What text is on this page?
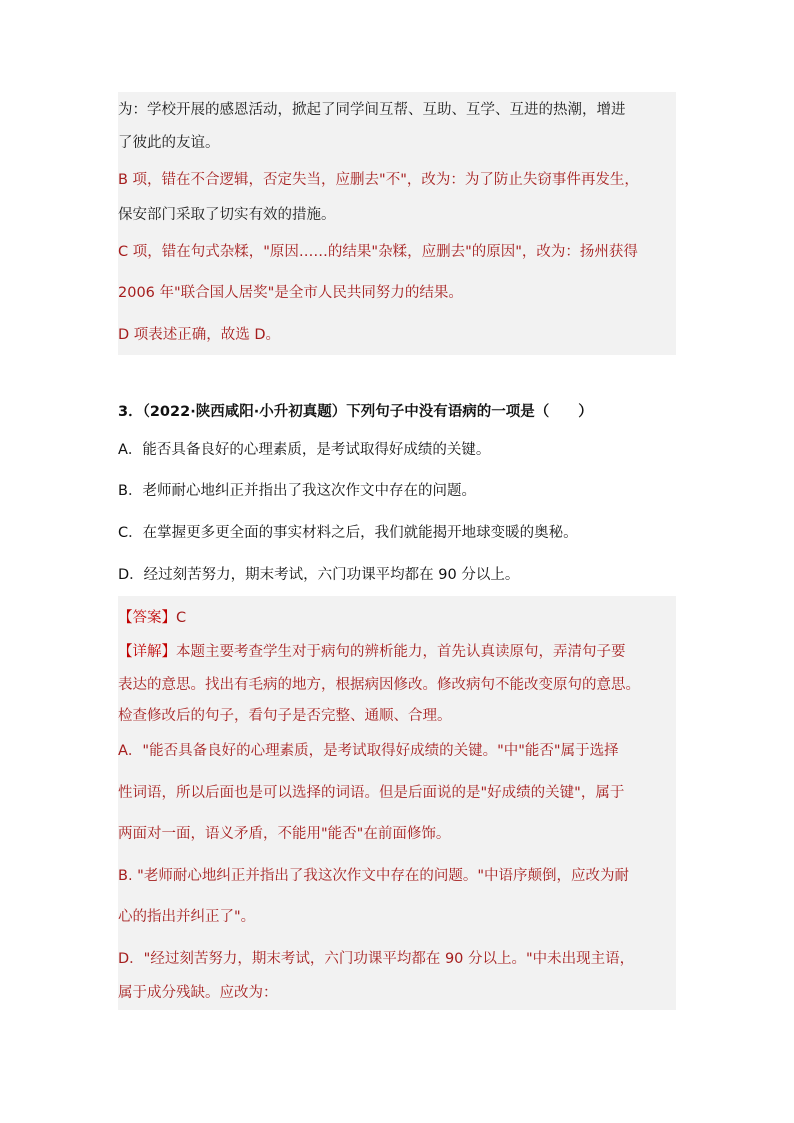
为：学校开展的感恩活动，掀起了同学间互帮、互助、互学、互进的热潮，增进
了彼此的友谊。
B 项，错在不合逻辑，否定失当，应删去"不"，改为：为了防止失窃事件再发生，
保安部门采取了切实有效的措施。
C 项，错在句式杂糅，"原因……的结果"杂糅，应删去"的原因"，改为：扬州获得
2006 年"联合国人居奖"是全市人民共同努力的结果。
D 项表述正确，故选 D。
3．（2022·陕西咸阳·小升初真题）下列句子中没有语病的一项是（　　）
A．能否具备良好的心理素质，是考试取得好成绩的关键。
B．老师耐心地纠正并指出了我这次作文中存在的问题。
C．在掌握更多更全面的事实材料之后，我们就能揭开地球变暖的奥秘。
D．经过刻苦努力，期末考试，六门功课平均都在 90 分以上。
【答案】C
【详解】本题主要考查学生对于病句的辨析能力，首先认真读原句，弄清句子要
表达的意思。找出有毛病的地方，根据病因修改。修改病句不能改变原句的意思。
检查修改后的句子，看句子是否完整、通顺、合理。
A．"能否具备良好的心理素质，是考试取得好成绩的关键。"中"能否"属于选择
性词语，所以后面也是可以选择的词语。但是后面说的是"好成绩的关键"，属于
两面对一面，语义矛盾，不能用"能否"在前面修饰。
B. "老师耐心地纠正并指出了我这次作文中存在的问题。"中语序颠倒，应改为耐
心的指出并纠正了"。
D．"经过刻苦努力，期末考试，六门功课平均都在 90 分以上。"中未出现主语，
属于成分残缺。应改为：
